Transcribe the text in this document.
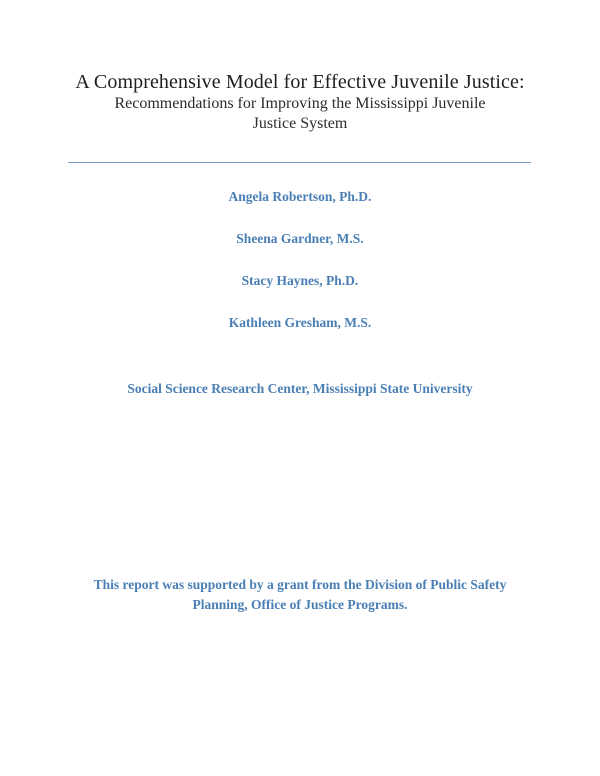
A Comprehensive Model for Effective Juvenile Justice:
Recommendations for Improving the Mississippi Juvenile
Justice System
Angela Robertson, Ph.D.
Sheena Gardner, M.S.
Stacy Haynes, Ph.D.
Kathleen Gresham, M.S.
Social Science Research Center, Mississippi State University
This report was supported by a grant from the Division of Public Safety
Planning, Office of Justice Programs.
